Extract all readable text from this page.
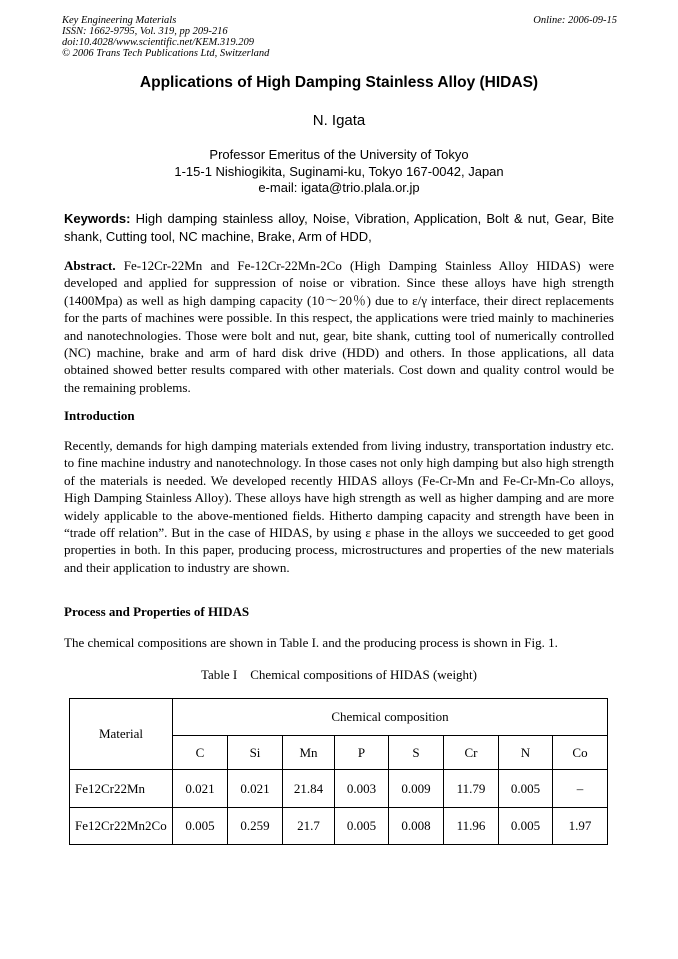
Key Engineering Materials
ISSN: 1662-9795, Vol. 319, pp 209-216
doi:10.4028/www.scientific.net/KEM.319.209
© 2006 Trans Tech Publications Ltd, Switzerland
Online: 2006-09-15
Applications of High Damping Stainless Alloy (HIDAS)
N. Igata
Professor Emeritus of the University of Tokyo
1-15-1 Nishiogikita, Suginami-ku, Tokyo 167-0042, Japan
e-mail: igata@trio.plala.or.jp
Keywords: High damping stainless alloy, Noise, Vibration, Application, Bolt & nut, Gear, Bite shank, Cutting tool, NC machine, Brake, Arm of HDD,
Abstract. Fe-12Cr-22Mn and Fe-12Cr-22Mn-2Co (High Damping Stainless Alloy HIDAS) were developed and applied for suppression of noise or vibration. Since these alloys have high strength (1400Mpa) as well as high damping capacity (10～20％) due to ε/γ interface, their direct replacements for the parts of machines were possible. In this respect, the applications were tried mainly to machineries and nanotechnologies. Those were bolt and nut, gear, bite shank, cutting tool of numerically controlled (NC) machine, brake and arm of hard disk drive (HDD) and others. In those applications, all data obtained showed better results compared with other materials. Cost down and quality control would be the remaining problems.
Introduction
Recently, demands for high damping materials extended from living industry, transportation industry etc. to fine machine industry and nanotechnology. In those cases not only high damping but also high strength of the materials is needed. We developed recently HIDAS alloys (Fe-Cr-Mn and Fe-Cr-Mn-Co alloys, High Damping Stainless Alloy). These alloys have high strength as well as higher damping and are more widely applicable to the above-mentioned fields. Hitherto damping capacity and strength have been in “trade off relation”. But in the case of HIDAS, by using ε phase in the alloys we succeeded to get good properties in both. In this paper, producing process, microstructures and properties of the new materials and their application to industry are shown.
Process and Properties of HIDAS
The chemical compositions are shown in Table I. and the producing process is shown in Fig. 1.
Table I    Chemical compositions of HIDAS (weight)
Material	Chemical composition							
	C	Si	Mn	P	S	Cr	N	Co
Fe12Cr22Mn	0.021	0.021	21.84	0.003	0.009	11.79	0.005	–
Fe12Cr22Mn2Co	0.005	0.259	21.7	0.005	0.008	11.96	0.005	1.97
